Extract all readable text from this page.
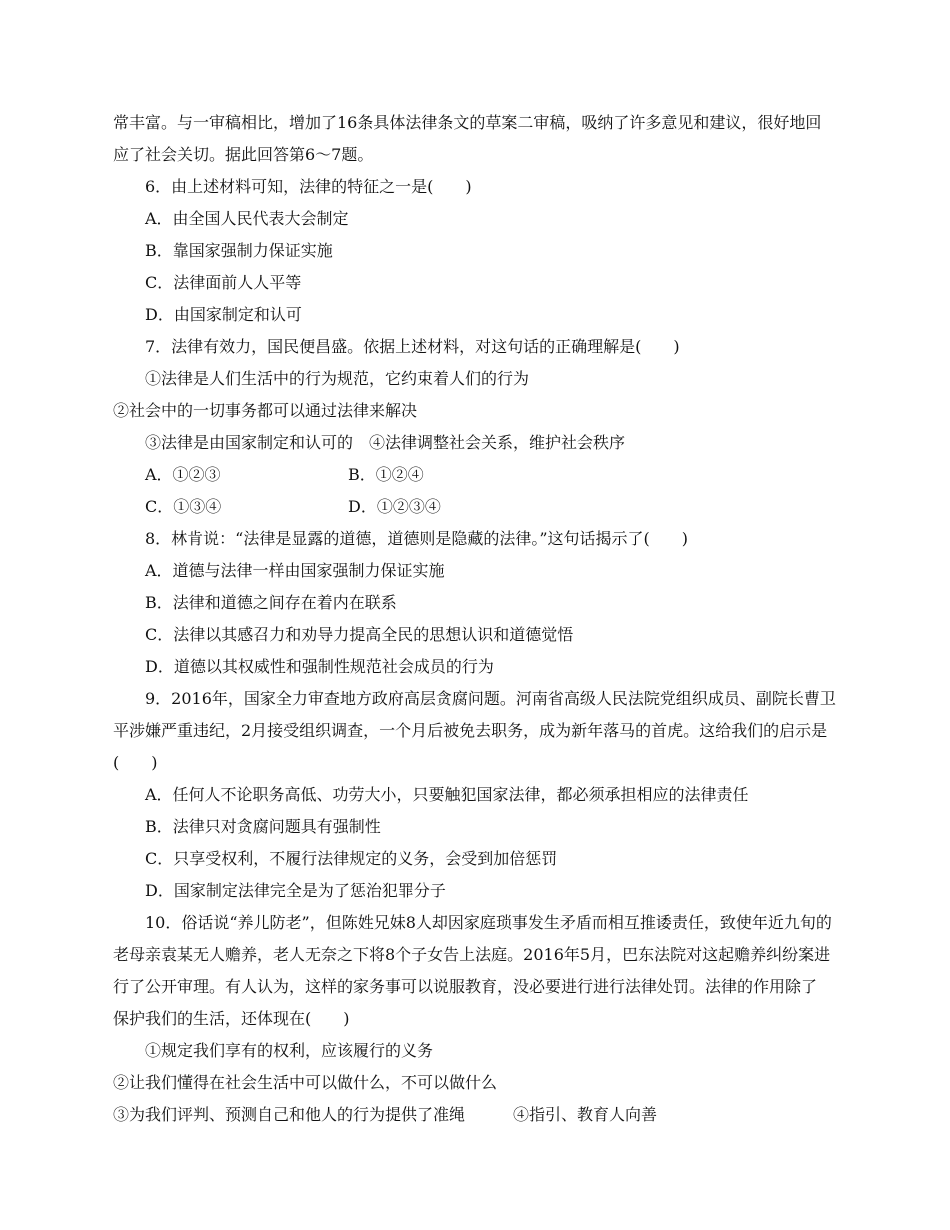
常丰富。与一审稿相比，增加了16条具体法律条文的草案二审稿，吸纳了许多意见和建议，很好地回
应了社会关切。据此回答第6～7题。
6．由上述材料可知，法律的特征之一是(　　)
A．由全国人民代表大会制定
B．靠国家强制力保证实施
C．法律面前人人平等
D．由国家制定和认可
7．法律有效力，国民便昌盛。依据上述材料，对这句话的正确理解是(　　)
①法律是人们生活中的行为规范，它约束着人们的行为
②社会中的一切事务都可以通过法律来解决
③法律是由国家制定和认可的　④法律调整社会关系，维护社会秩序
A．①②③	B．①②④
C．①③④	D．①②③④
8．林肯说：“法律是显露的道德，道德则是隐藏的法律。”这句话揭示了(　　)
A．道德与法律一样由国家强制力保证实施
B．法律和道德之间存在着内在联系
C．法律以其感召力和劝导力提高全民的思想认识和道德觉悟
D．道德以其权威性和强制性规范社会成员的行为
9．2016年，国家全力审查地方政府高层贪腐问题。河南省高级人民法院党组织成员、副院长曹卫
平涉嫌严重违纪，2月接受组织调查，一个月后被免去职务，成为新年落马的首虎。这给我们的启示是
(　　)
A．任何人不论职务高低、功劳大小，只要触犯国家法律，都必须承担相应的法律责任
B．法律只对贪腐问题具有强制性
C．只享受权利，不履行法律规定的义务，会受到加倍惩罚
D．国家制定法律完全是为了惩治犯罪分子
10．俗话说“养儿防老”，但陈姓兄妹8人却因家庭琐事发生矛盾而相互推诿责任，致使年近九旬的
老母亲袁某无人赡养，老人无奈之下将8个子女告上法庭。2016年5月，巴东法院对这起赡养纠纷案进
行了公开审理。有人认为，这样的家务事可以说服教育，没必要进行进行法律处罚。法律的作用除了
保护我们的生活，还体现在(　　)
①规定我们享有的权利，应该履行的义务
②让我们懂得在社会生活中可以做什么，不可以做什么
③为我们评判、预测自己和他人的行为提供了准绳　　　④指引、教育人向善
